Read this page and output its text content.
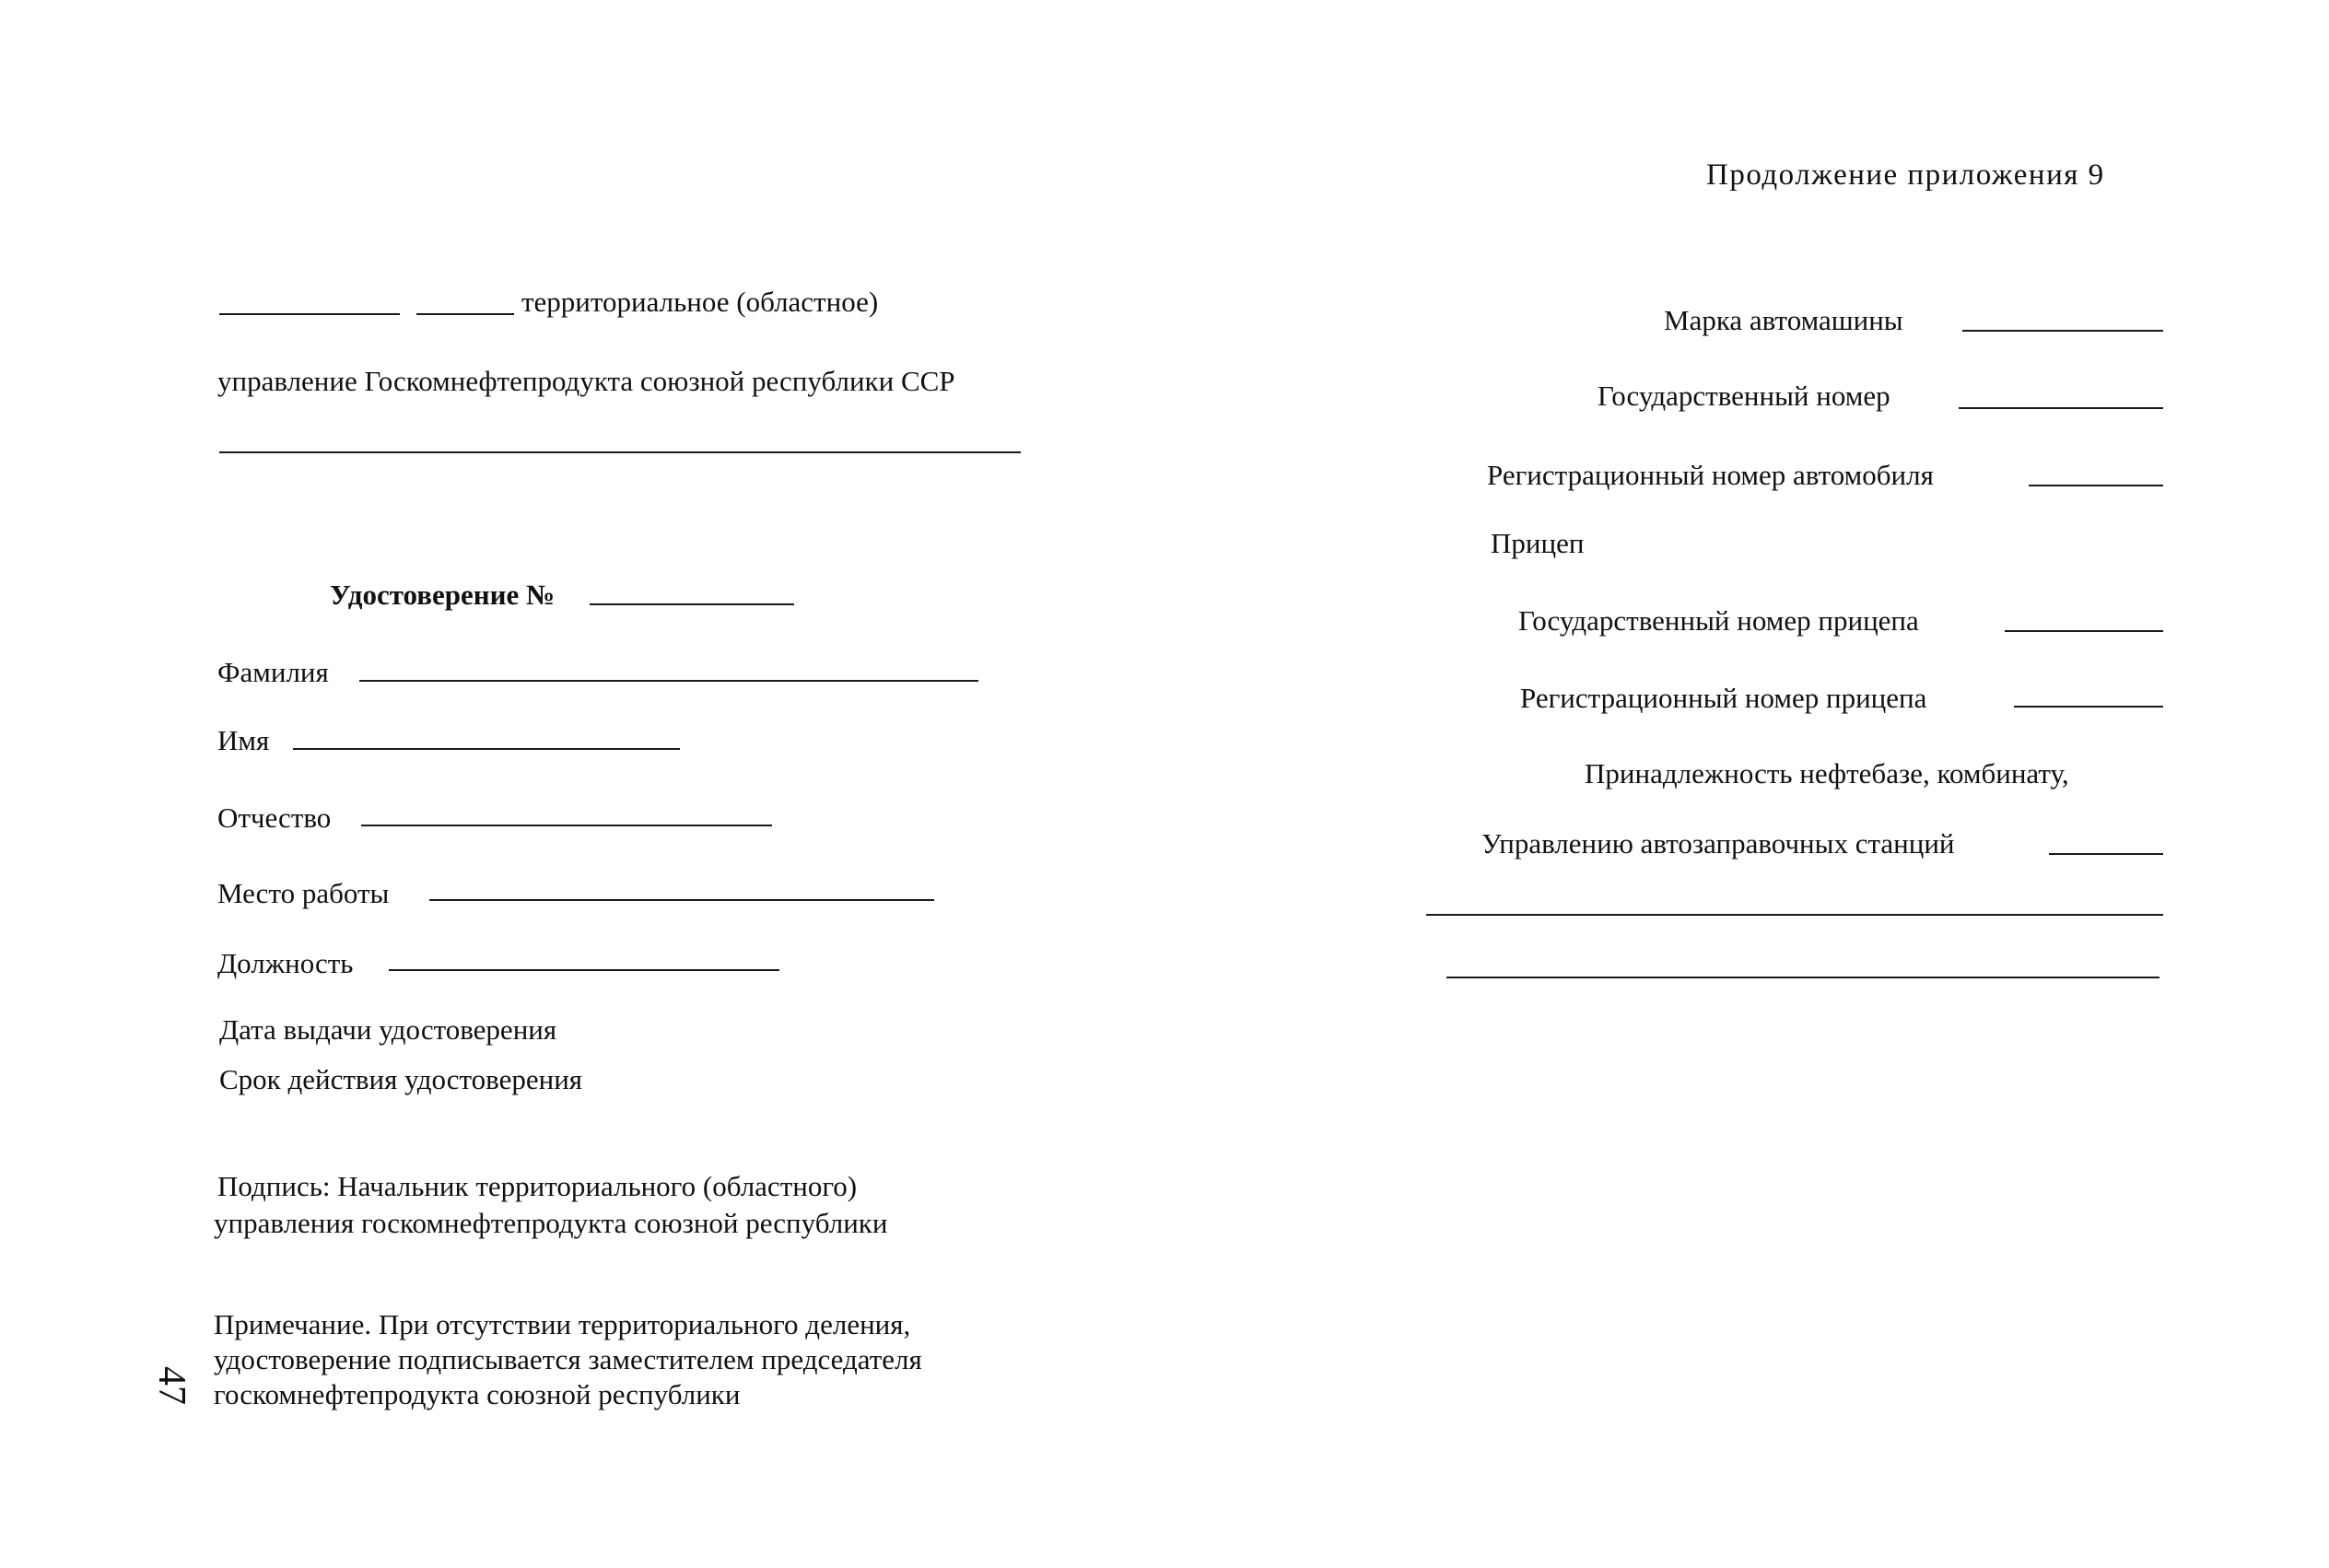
Продолжение приложения 9
территориальное (областное)
управление Госкомнефтепродукта союзной республики ССР
Удостоверение №
Фамилия
Имя
Отчество
Место работы
Должность
Дата выдачи удостоверения
Срок действия удостоверения
Подпись: Начальник территориального (областного)
управления госкомнефтепродукта союзной республики
Примечание. При отсутствии территориального деления,
удостоверение подписывается заместителем председателя
госкомнефтепродукта союзной республики
47
Марка автомашины
Государственный номер
Регистрационный номер автомобиля
Прицеп
Государственный номер прицепа
Регистрационный номер прицепа
Принадлежность нефтебазе, комбинату,
Управлению автозаправочных станций
